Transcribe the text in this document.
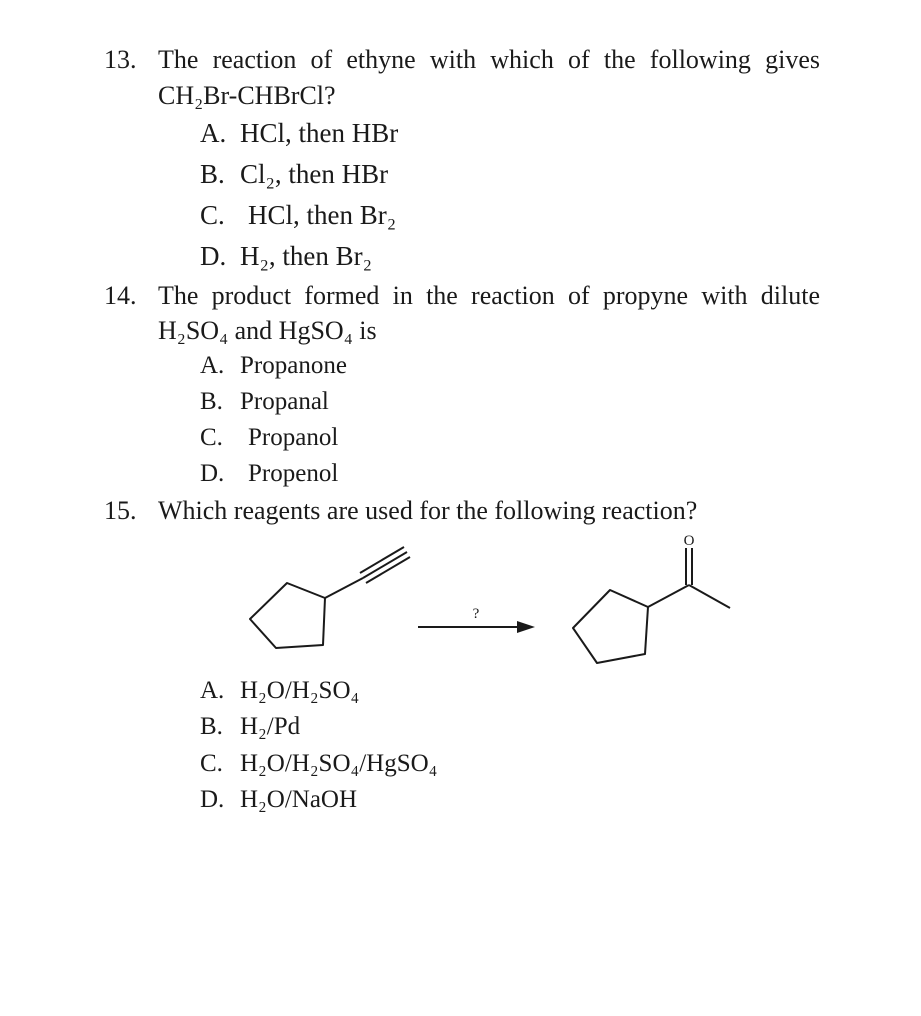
13. The reaction of ethyne with which of the following gives
CH₂Br-CHBrCl?
A. HCl, then HBr
B. Cl₂, then HBr
C. HCl, then Br₂
D. H₂, then Br₂
14. The product formed in the reaction of propyne with dilute
H₂SO₄ and HgSO₄ is
A. Propanone
B. Propanal
C. Propanol
D. Propenol
15. Which reagents are used for the following reaction?
O
?
A. H₂O/H₂SO₄
B. H₂/Pd
C. H₂O/H₂SO₄/HgSO₄
D. H₂O/NaOH
